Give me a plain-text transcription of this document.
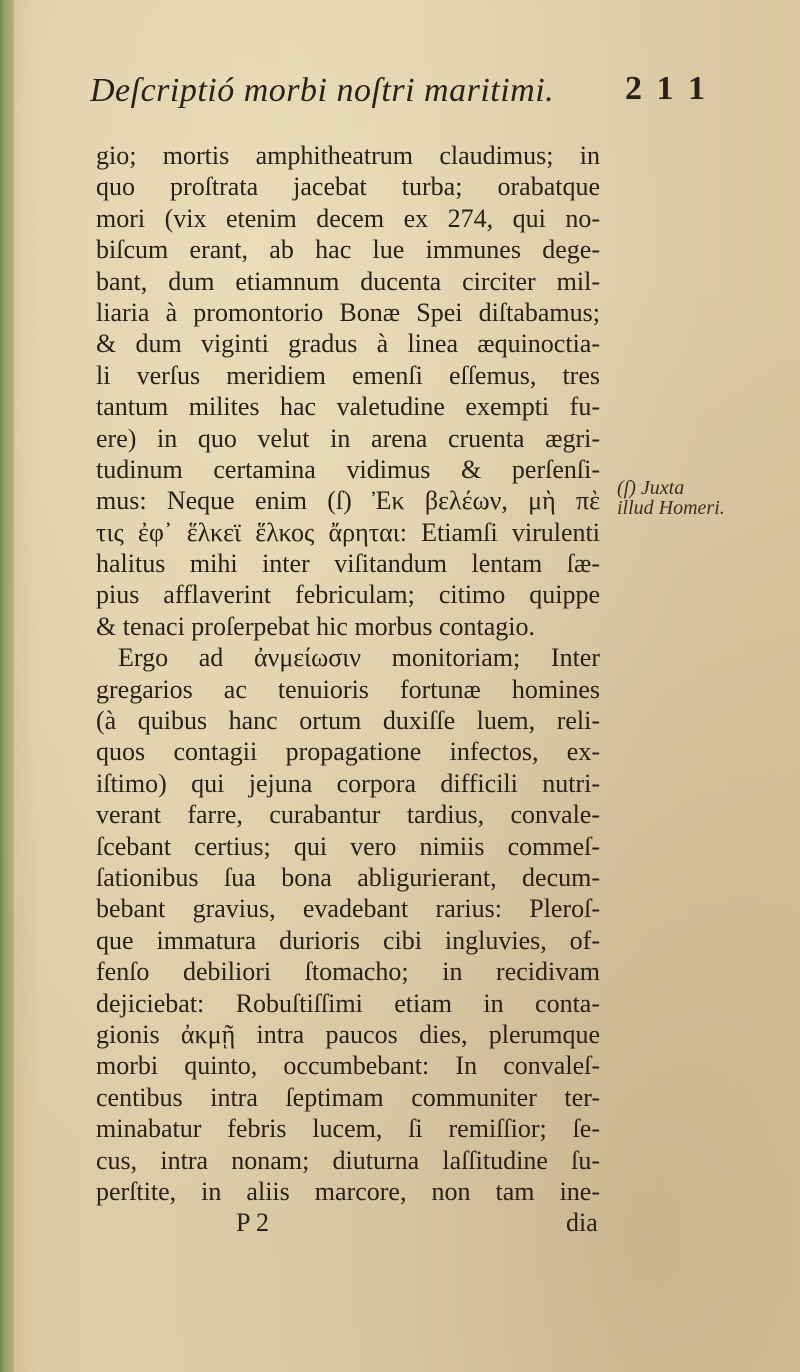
Deſcriptió morbi noſtri maritimi. 2 1 1
gio; mortis amphitheatrum claudimus; in
quo proſtrata jacebat turba; orabatque
mori (vix etenim decem ex 274, qui no-
biſcum erant, ab hac lue immunes dege-
bant, dum etiamnum ducenta circiter mil-
liaria à promontorio Bonæ Spei diſtabamus;
& dum viginti gradus à linea æquinoctia-
li verſus meridiem emenſi eſſemus, tres
tantum milites hac valetudine exempti fu-
ere) in quo velut in arena cruenta ægri-
tudinum certamina vidimus & perſenſi-
mus: Neque enim (ſ) Ἐκ βελέων, μὴ πὲ
τις ἐφ᾽ ἕλκεϊ ἕλκος ἄρηται: Etiamſi virulenti
halitus mihi inter viſitandum lentam ſæ-
pius afflaverint febriculam; citimo quippe
& tenaci proſerpebat hic morbus contagio.
Ergo ad ἀνμείωσιν monitoriam; Inter
gregarios ac tenuioris fortunæ homines
(à quibus hanc ortum duxiſſe luem, reli-
quos contagii propagatione infectos, ex-
iſtimo) qui jejuna corpora difficili nutri-
verant farre, curabantur tardius, convale-
ſcebant certius; qui vero nimiis commeſ-
ſationibus ſua bona abligurierant, decum-
bebant gravius, evadebant rarius: Pleroſ-
que immatura durioris cibi ingluvies, of-
fenſo debiliori ſtomacho; in recidivam
dejiciebat: Robuſtiſſimi etiam in conta-
gionis ἀκμῇ intra paucos dies, plerumque
morbi quinto, occumbebant: In convaleſ-
centibus intra ſeptimam communiter ter-
minabatur febris lucem, ſi remiſſior; ſe-
cus, intra nonam; diuturna laſſitudine ſu-
perſtite, in aliis marcore, non tam ine-
P 2	dia
(ſ) Juxta
illud Homeri.
